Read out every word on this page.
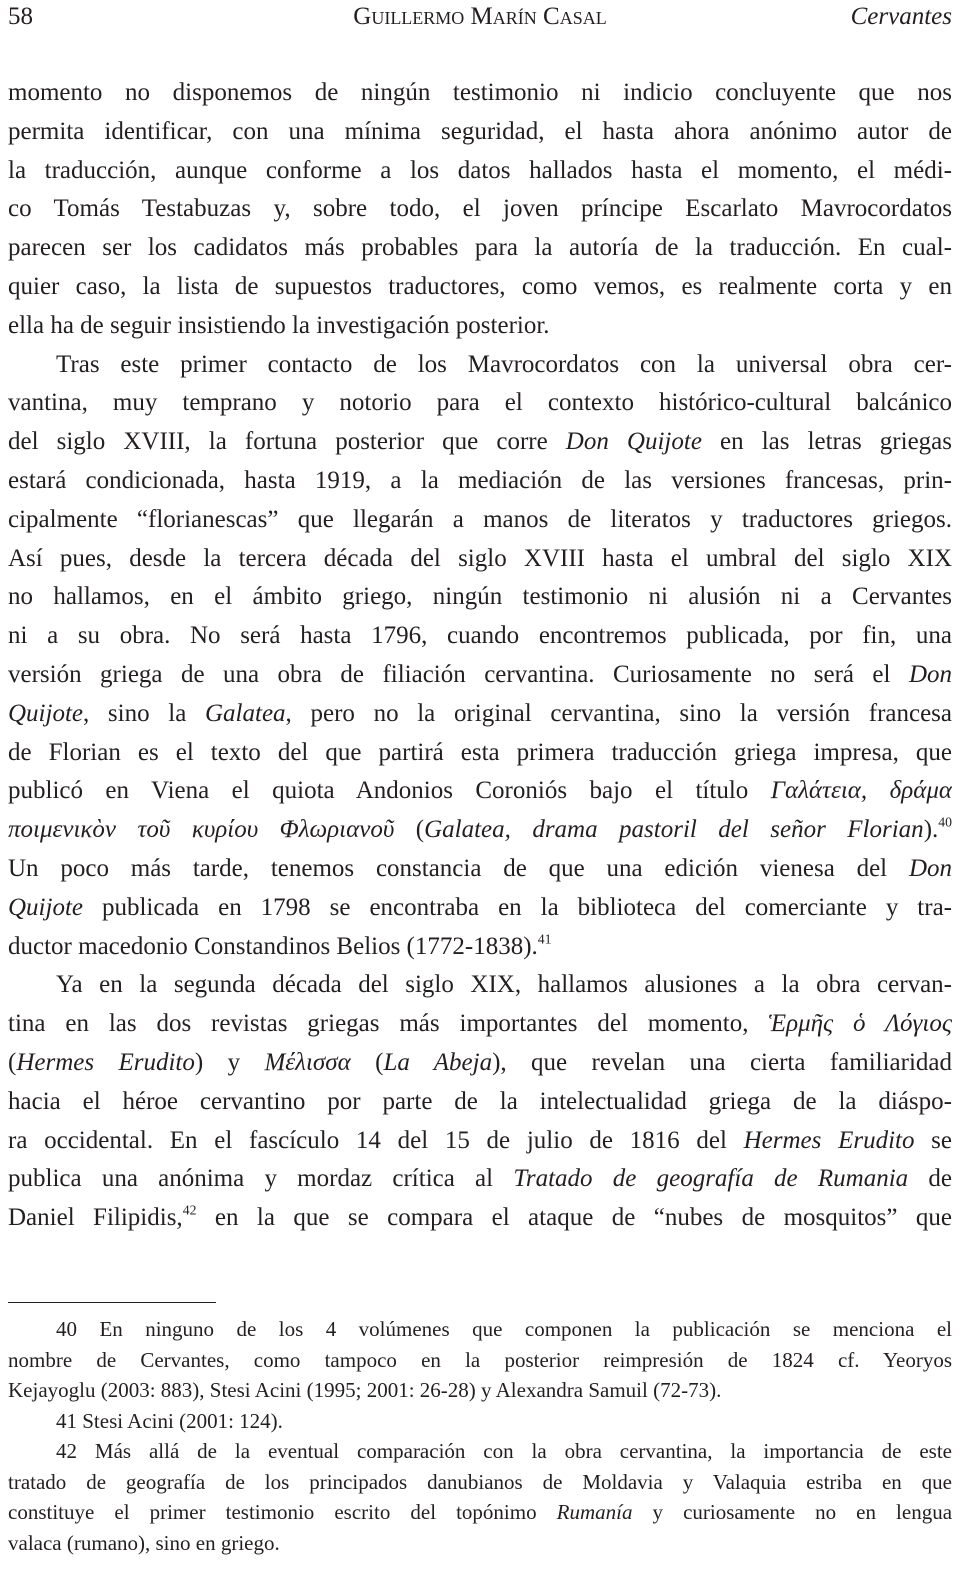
58	Guillermo Marín Casal	Cervantes
momento no disponemos de ningún testimonio ni indicio concluyente que nos
permita identificar, con una mínima seguridad, el hasta ahora anónimo autor de
la traducción, aunque conforme a los datos hallados hasta el momento, el médi-
co Tomás Testabuzas y, sobre todo, el joven príncipe Escarlato Mavrocordatos
parecen ser los cadidatos más probables para la autoría de la traducción. En cual-
quier caso, la lista de supuestos traductores, como vemos, es realmente corta y en
ella ha de seguir insistiendo la investigación posterior.
Tras este primer contacto de los Mavrocordatos con la universal obra cer-
vantina, muy temprano y notorio para el contexto histórico-cultural balcánico
del siglo XVIII, la fortuna posterior que corre Don Quijote en las letras griegas
estará condicionada, hasta 1919, a la mediación de las versiones francesas, prin-
cipalmente “florianescas” que llegarán a manos de literatos y traductores griegos.
Así pues, desde la tercera década del siglo XVIII hasta el umbral del siglo XIX
no hallamos, en el ámbito griego, ningún testimonio ni alusión ni a Cervantes
ni a su obra. No será hasta 1796, cuando encontremos publicada, por fin, una
versión griega de una obra de filiación cervantina. Curiosamente no será el Don
Quijote, sino la Galatea, pero no la original cervantina, sino la versión francesa
de Florian es el texto del que partirá esta primera traducción griega impresa, que
publicó en Viena el quiota Andonios Coroniós bajo el título Γαλάτεια, δράμα
ποιμενικὸν τοῦ κυρίου Φλωριανοῦ (Galatea, drama pastoril del señor Florian).$^{40}$
Un poco más tarde, tenemos constancia de que una edición vienesa del Don
Quijote publicada en 1798 se encontraba en la biblioteca del comerciante y tra-
ductor macedonio Constandinos Belios (1772-1838).$^{41}$
Ya en la segunda década del siglo XIX, hallamos alusiones a la obra cervan-
tina en las dos revistas griegas más importantes del momento, Ἑρμῆς ὁ Λόγιος
(Hermes Erudito) y Μέλισσα (La Abeja), que revelan una cierta familiaridad
hacia el héroe cervantino por parte de la intelectualidad griega de la diáspo-
ra occidental. En el fascículo 14 del 15 de julio de 1816 del Hermes Erudito se
publica una anónima y mordaz crítica al Tratado de geografía de Rumania de
Daniel Filipidis,$^{42}$ en la que se compara el ataque de “nubes de mosquitos” que
40 En ninguno de los 4 volúmenes que componen la publicación se menciona el
nombre de Cervantes, como tampoco en la posterior reimpresión de 1824 cf. Yeoryos
Kejayoglu (2003: 883), Stesi Acini (1995; 2001: 26-28) y Alexandra Samuil (72-73).
41 Stesi Acini (2001: 124).
42 Más allá de la eventual comparación con la obra cervantina, la importancia de este
tratado de geografía de los principados danubianos de Moldavia y Valaquia estriba en que
constituye el primer testimonio escrito del topónimo Rumanía y curiosamente no en lengua
valaca (rumano), sino en griego.
